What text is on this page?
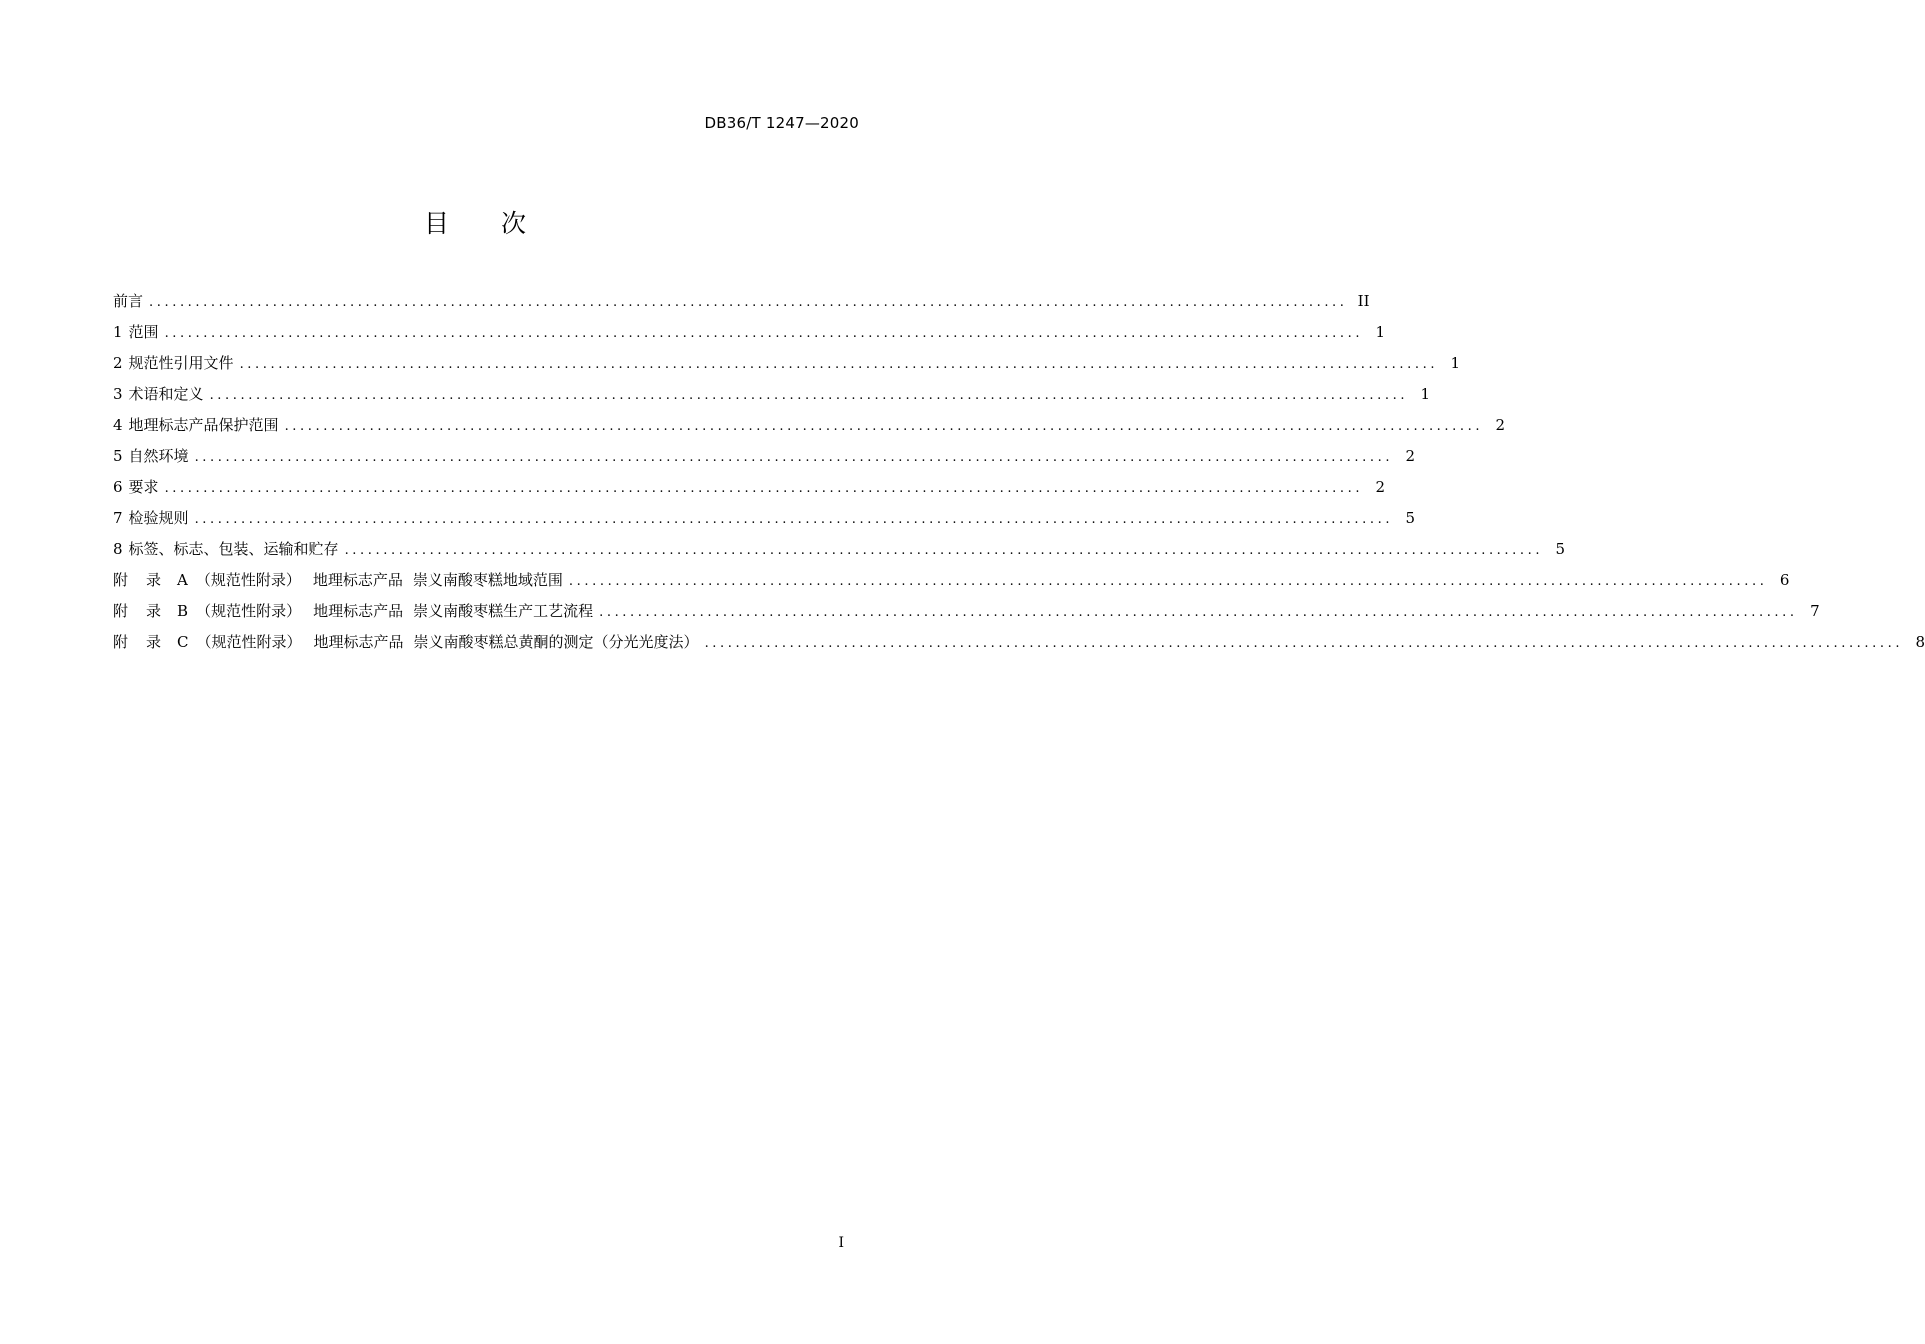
DB36/T 1247—2020
目 次
前言 ........................................................................................................................................................... II
1 范围 ........................................................................................................................................................... 1
2 规范性引用文件 ........................................................................................................................................................... 1
3 术语和定义 ........................................................................................................................................................... 1
4 地理标志产品保护范围 ........................................................................................................................................................... 2
5 自然环境 ........................................................................................................................................................... 2
6 要求 ........................................................................................................................................................... 2
7 检验规则 ........................................................................................................................................................... 5
8 标签、标志、包装、运输和贮存 ........................................................................................................................................................... 5
附 录 A （规范性附录） 地理标志产品 崇义南酸枣糕地域范围 ........................................................................................................................................................... 6
附 录 B （规范性附录） 地理标志产品 崇义南酸枣糕生产工艺流程 ........................................................................................................................................................... 7
附 录 C （规范性附录） 地理标志产品 崇义南酸枣糕总黄酮的测定（分光光度法） ........................................................................................................................................................... 8
I
